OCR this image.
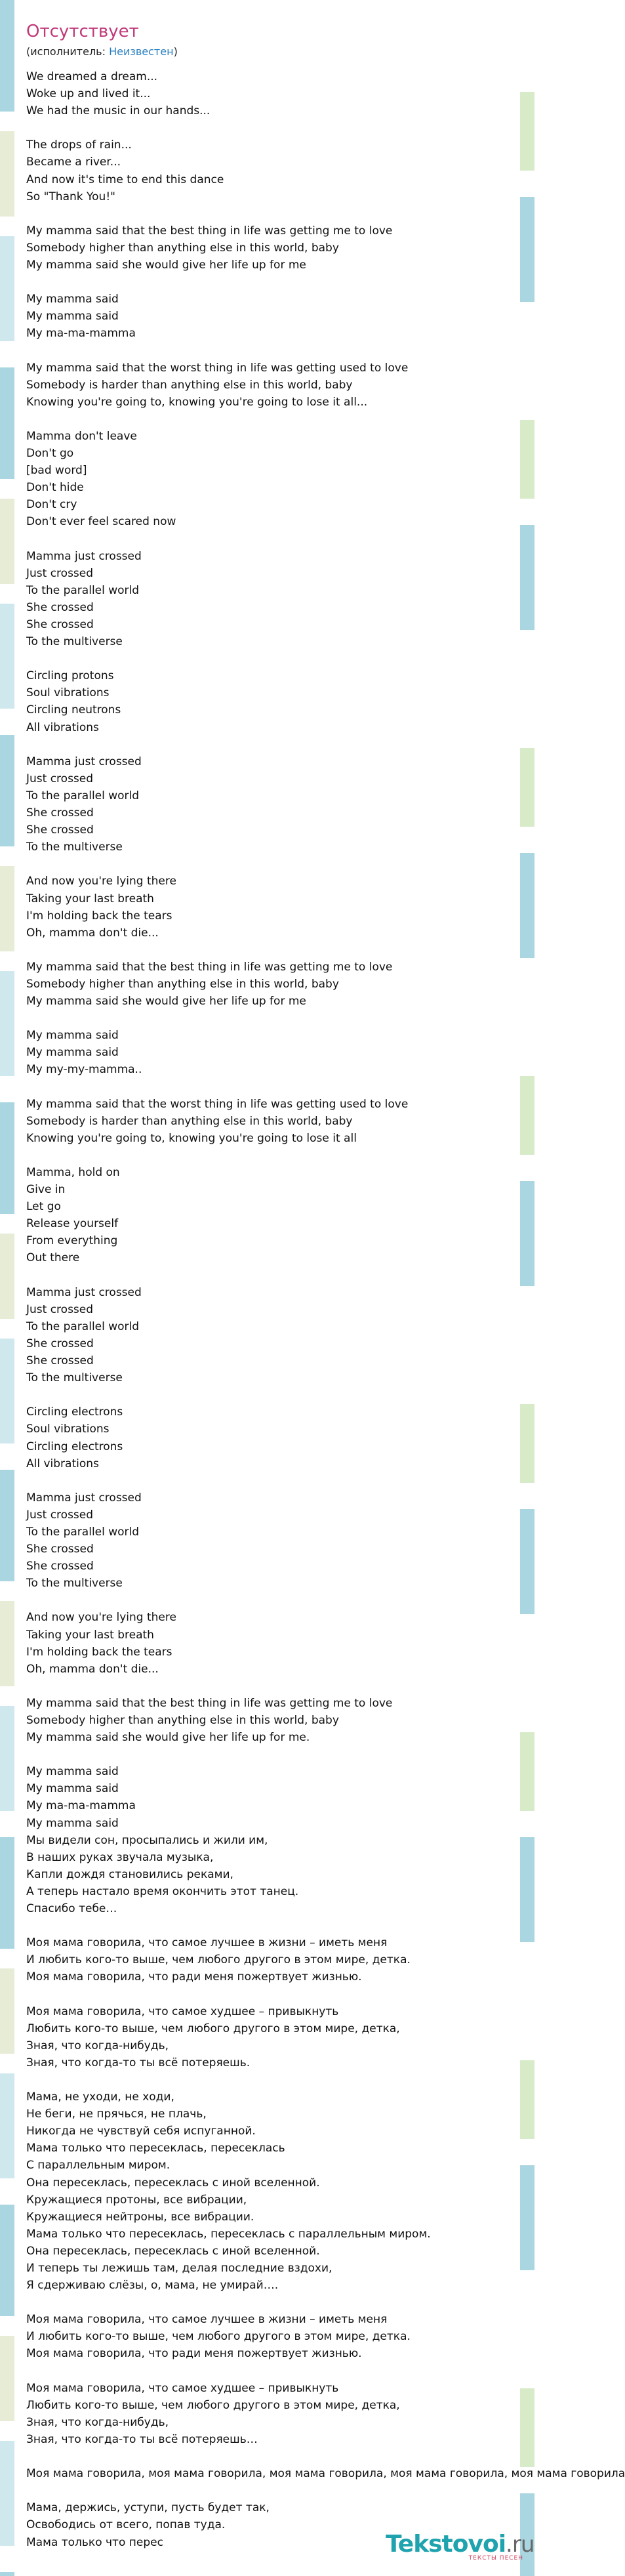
Отсутствует
(исполнитель: Неизвестен)
We dreamed a dream...
Woke up and lived it...
We had the music in our hands...
The drops of rain...
Became a river...
And now it's time to end this dance
So "Thank You!"
My mamma said that the best thing in life was getting me to love
Somebody higher than anything else in this world, baby
My mamma said she would give her life up for me
My mamma said
My mamma said
My ma-ma-mamma
My mamma said that the worst thing in life was getting used to love
Somebody is harder than anything else in this world, baby
Knowing you're going to, knowing you're going to lose it all...
Mamma don't leave
Don't go
[bad word]
Don't hide
Don't cry
Don't ever feel scared now
Mamma just crossed
Just crossed
To the parallel world
She crossed
She crossed
To the multiverse
Circling protons
Soul vibrations
Circling neutrons
All vibrations
Mamma just crossed
Just crossed
To the parallel world
She crossed
She crossed
To the multiverse
And now you're lying there
Taking your last breath
I'm holding back the tears
Oh, mamma don't die...
My mamma said that the best thing in life was getting me to love
Somebody higher than anything else in this world, baby
My mamma said she would give her life up for me
My mamma said
My mamma said
My my-my-mamma..
My mamma said that the worst thing in life was getting used to love
Somebody is harder than anything else in this world, baby
Knowing you're going to, knowing you're going to lose it all
Mamma, hold on
Give in
Let go
Release yourself
From everything
Out there
Mamma just crossed
Just crossed
To the parallel world
She crossed
She crossed
To the multiverse
Circling electrons
Soul vibrations
Circling electrons
All vibrations
Mamma just crossed
Just crossed
To the parallel world
She crossed
She crossed
To the multiverse
And now you're lying there
Taking your last breath
I'm holding back the tears
Oh, mamma don't die...
My mamma said that the best thing in life was getting me to love
Somebody higher than anything else in this world, baby
My mamma said she would give her life up for me.
My mamma said
My mamma said
My ma-ma-mamma
My mamma said
Мы видели сон, просыпались и жили им,
В наших руках звучала музыка,
Капли дождя становились реками,
А теперь настало время окончить этот танец.
Спасибо тебе…
Моя мама говорила, что самое лучшее в жизни – иметь меня
И любить кого-то выше, чем любого другого в этом мире, детка.
Моя мама говорила, что ради меня пожертвует жизнью.
Моя мама говорила, что самое худшее – привыкнуть
Любить кого-то выше, чем любого другого в этом мире, детка,
Зная, что когда-нибудь,
Зная, что когда-то ты всё потеряешь.
Мама, не уходи, не ходи,
Не беги, не прячься, не плачь,
Никогда не чувствуй себя испуганной.
Мама только что пересеклась, пересеклась
С параллельным миром.
Она пересеклась, пересеклась с иной вселенной.
Кружащиеся протоны, все вибрации,
Кружащиеся нейтроны, все вибрации.
Мама только что пересеклась, пересеклась с параллельным миром.
Она пересеклась, пересеклась с иной вселенной.
И теперь ты лежишь там, делая последние вздохи,
Я сдерживаю слёзы, о, мама, не умирай….
Моя мама говорила, что самое лучшее в жизни – иметь меня
И любить кого-то выше, чем любого другого в этом мире, детка.
Моя мама говорила, что ради меня пожертвует жизнью.
Моя мама говорила, что самое худшее – привыкнуть
Любить кого-то выше, чем любого другого в этом мире, детка,
Зная, что когда-нибудь,
Зная, что когда-то ты всё потеряешь…
Моя мама говорила, моя мама говорила, моя мама говорила, моя мама говорила, моя мама говорила
Мама, держись, уступи, пусть будет так,
Освободись от всего, попав туда.
Мама только что перес	Tekstovoi.ru
ТЕКСТЫ ПЕСЕН
